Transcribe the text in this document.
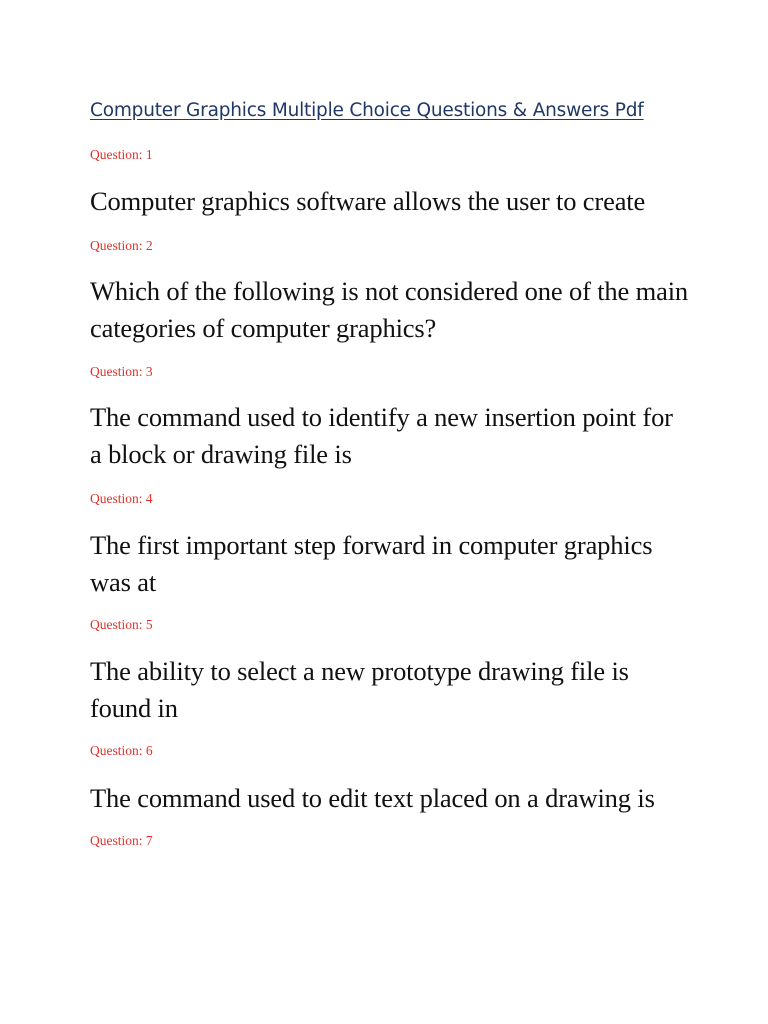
Computer Graphics Multiple Choice Questions & Answers Pdf
Question: 1
Computer graphics software allows the user to create
Question: 2
Which of the following is not considered one of the main categories of computer graphics?
Question: 3
The command used to identify a new insertion point for a block or drawing file is
Question: 4
The first important step forward in computer graphics was at
Question: 5
The ability to select a new prototype drawing file is found in
Question: 6
The command used to edit text placed on a drawing is
Question: 7
